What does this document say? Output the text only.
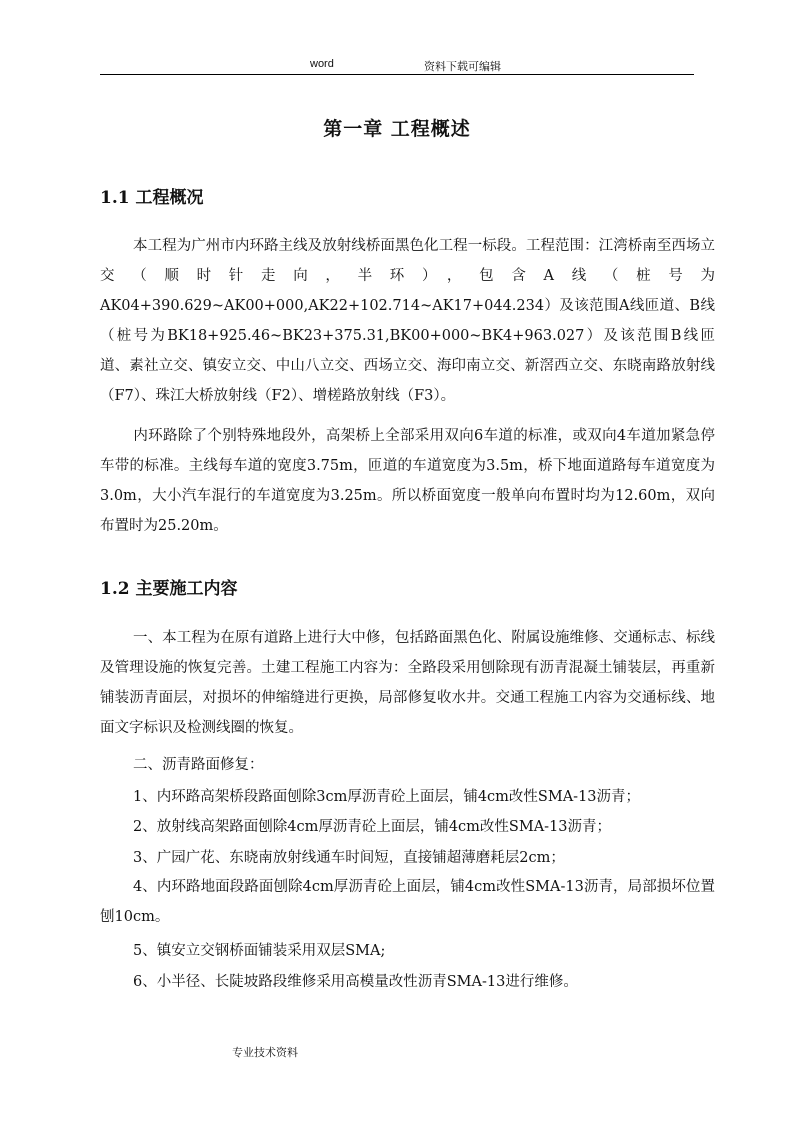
word	资料下载可编辑
第一章 工程概述
1.1 工程概况

本工程为广州市内环路主线及放射线桥面黑色化工程一标段。工程范围：江湾桥南至西场立交（顺时针走向，半环），包含A线（桩号为AK04+390.629~AK00+000,AK22+102.714~AK17+044.234）及该范围A线匝道、B线（桩号为BK18+925.46~BK23+375.31,BK00+000~BK4+963.027）及该范围B线匝道、素社立交、镇安立交、中山八立交、西场立交、海印南立交、新滘西立交、东晓南路放射线（F7）、珠江大桥放射线（F2）、增槎路放射线（F3）。

内环路除了个别特殊地段外，高架桥上全部采用双向6车道的标准，或双向4车道加紧急停车带的标准。主线每车道的宽度3.75m，匝道的车道宽度为3.5m，桥下地面道路每车道宽度为3.0m，大小汽车混行的车道宽度为3.25m。所以桥面宽度一般单向布置时均为12.60m，双向布置时为25.20m。

1.2 主要施工内容

一、本工程为在原有道路上进行大中修，包括路面黑色化、附属设施维修、交通标志、标线及管理设施的恢复完善。土建工程施工内容为：全路段采用刨除现有沥青混凝土铺装层，再重新铺装沥青面层，对损坏的伸缩缝进行更换，局部修复收水井。交通工程施工内容为交通标线、地面文字标识及检测线圈的恢复。

二、沥青路面修复：
1、内环路高架桥段路面刨除3cm厚沥青砼上面层，铺4cm改性SMA-13沥青；
2、放射线高架路面刨除4cm厚沥青砼上面层，铺4cm改性SMA-13沥青；
3、广园广花、东晓南放射线通车时间短，直接铺超薄磨耗层2cm；

4、内环路地面段路面刨除4cm厚沥青砼上面层，铺4cm改性SMA-13沥青，局部损坏位置刨10cm。

5、镇安立交钢桥面铺装采用双层SMA;
6、小半径、长陡坡路段维修采用高模量改性沥青SMA-13进行维修。
专业技术资料
